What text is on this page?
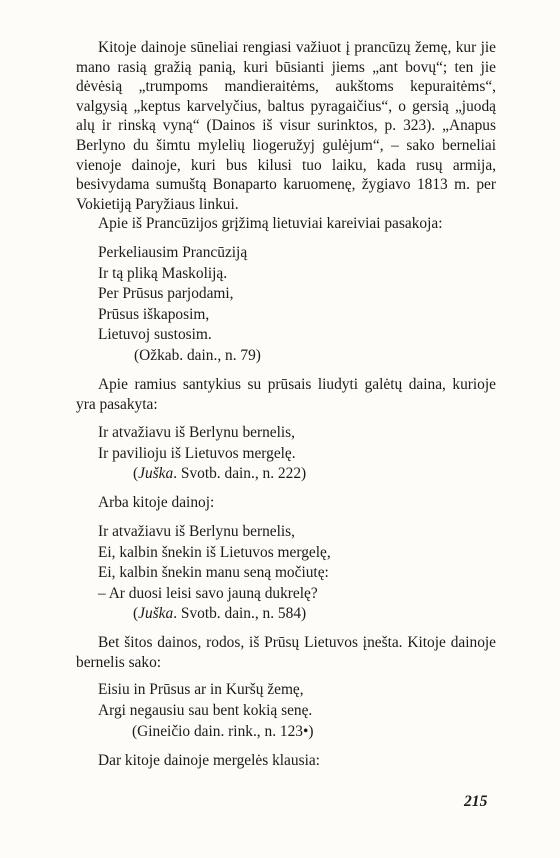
Kitoje dainoje sūneliai rengiasi važiuot į prancūzų žemę, kur jie mano rasią gražią panią, kuri būsianti jiems „ant bovų“; ten jie dėvėsią „trumpoms mandieraitėms, aukštoms kepuraitėms“, valgysią „keptus karvelyčius, baltus pyragaičius“, o gersią „juodą alų ir rinską vyną“ (Dainos iš visur surinktos, p. 323). „Anapus Berlyno du šimtu mylelių liogeružyj gulėjum“, – sako berneliai vienoje dainoje, kuri bus kilusi tuo laiku, kada rusų armija, besivydama sumuštą Bonaparto karuomenę, žygiavo 1813 m. per Vokietiją Paryžiaus linkui.

Apie iš Prancūzijos grįžimą lietuviai kareiviai pasakoja:

Perkeliausim Prancūziją
Ir tą pliką Maskoliją.
Per Prūsus parjodami,
Prūsus iškaposim,
Lietuvoj sustosim.
(Ožkab. dain., n. 79)

Apie ramius santykius su prūsais liudyti galėtų daina, kurioje yra pasakyta:

Ir atvažiavu iš Berlynu bernelis,
Ir pavilioju iš Lietuvos mergelę.
(Juška. Svotb. dain., n. 222)

Arba kitoje dainoj:

Ir atvažiavu iš Berlynu bernelis,
Ei, kalbin šnekin iš Lietuvos mergelę,
Ei, kalbin šnekin manu seną močiutę:
– Ar duosi leisi savo jauną dukrelę?
(Juška. Svotb. dain., n. 584)

Bet šitos dainos, rodos, iš Prūsų Lietuvos įnešta. Kitoje dainoje bernelis sako:

Eisiu in Prūsus ar in Kuršų žemę,
Argi negausiu sau bent kokią senę.
(Gineičio dain. rink., n. 123•)

Dar kitoje dainoje mergelės klausia:

215
